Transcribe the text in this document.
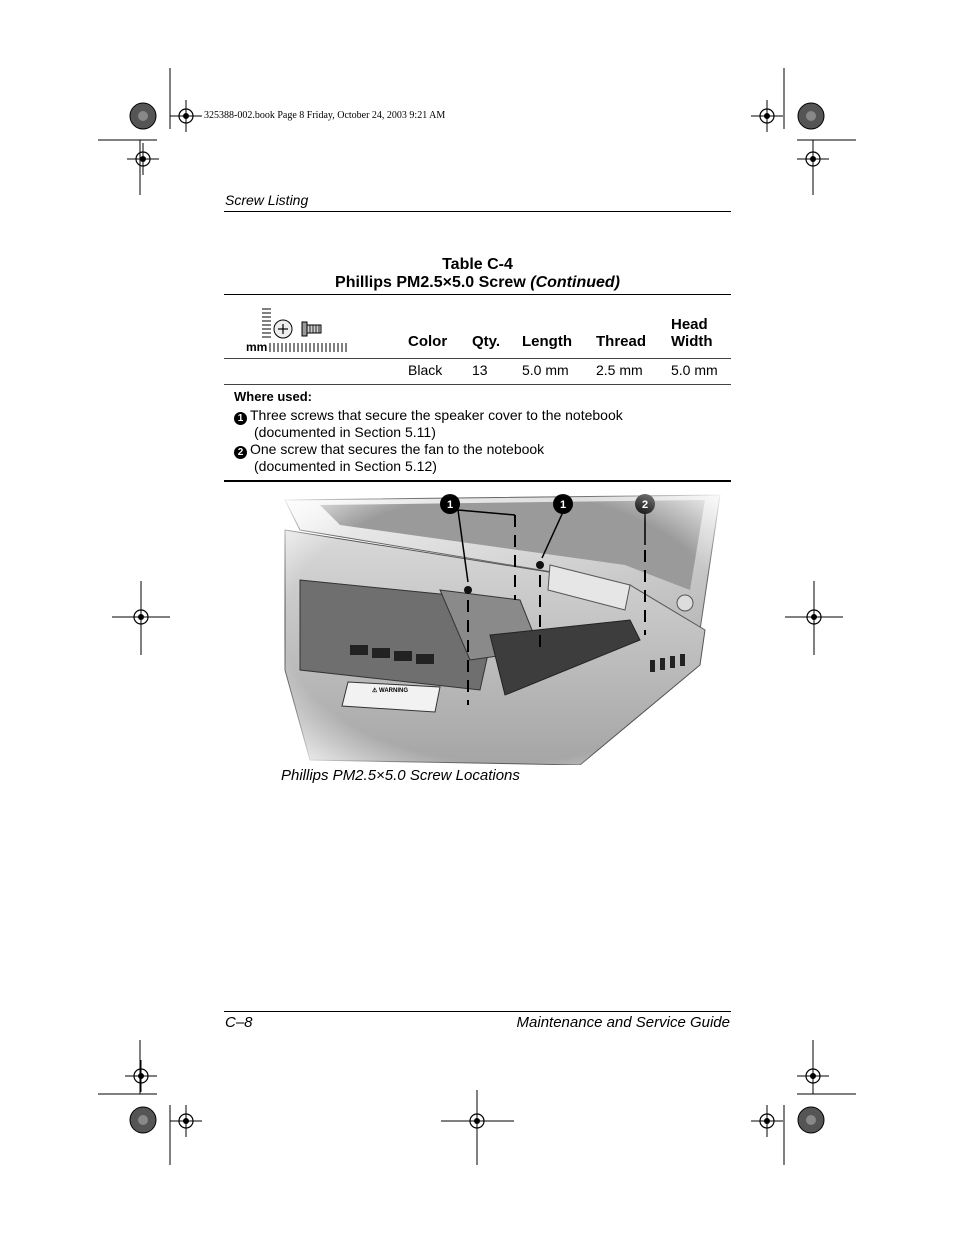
325388-002.book Page 8 Friday, October 24, 2003 9:21 AM
Screw Listing
Table C-4
Phillips PM2.5×5.0 Screw (Continued)
mm	Color Qty. Length Thread
Head
Width
Black 13 5.0 mm 2.5 mm 5.0 mm
Where used:
1 Three screws that secure the speaker cover to the notebook
(documented in Section 5.11)
2 One screw that secures the fan to the notebook
(documented in Section 5.12)
Phillips PM2.5×5.0 Screw Locations
C–8	Maintenance and Service Guide
